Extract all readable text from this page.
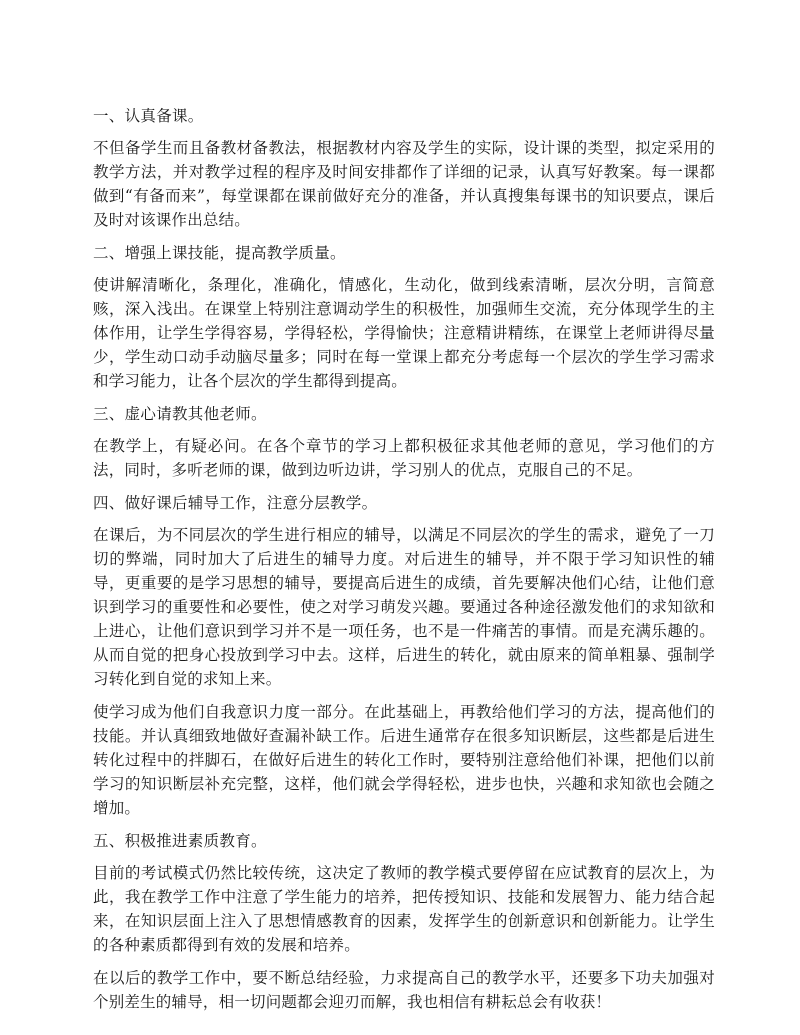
一、认真备课。

不但备学生而且备教材备教法，根据教材内容及学生的实际，设计课的类型，拟定采用的教学方法，并对教学过程的程序及时间安排都作了详细的记录，认真写好教案。每一课都做到“有备而来”，每堂课都在课前做好充分的准备，并认真搜集每课书的知识要点，课后及时对该课作出总结。

二、增强上课技能，提高教学质量。

使讲解清晰化，条理化，准确化，情感化，生动化，做到线索清晰，层次分明，言简意赅，深入浅出。在课堂上特别注意调动学生的积极性，加强师生交流，充分体现学生的主体作用，让学生学得容易，学得轻松，学得愉快；注意精讲精练，在课堂上老师讲得尽量少，学生动口动手动脑尽量多；同时在每一堂课上都充分考虑每一个层次的学生学习需求和学习能力，让各个层次的学生都得到提高。

三、虚心请教其他老师。

在教学上，有疑必问。在各个章节的学习上都积极征求其他老师的意见，学习他们的方法，同时，多听老师的课，做到边听边讲，学习别人的优点，克服自己的不足。

四、做好课后辅导工作，注意分层教学。

在课后，为不同层次的学生进行相应的辅导，以满足不同层次的学生的需求，避免了一刀切的弊端，同时加大了后进生的辅导力度。对后进生的辅导，并不限于学习知识性的辅导，更重要的是学习思想的辅导，要提高后进生的成绩，首先要解决他们心结，让他们意识到学习的重要性和必要性，使之对学习萌发兴趣。要通过各种途径激发他们的求知欲和上进心，让他们意识到学习并不是一项任务，也不是一件痛苦的事情。而是充满乐趣的。从而自觉的把身心投放到学习中去。这样，后进生的转化，就由原来的简单粗暴、强制学习转化到自觉的求知上来。

使学习成为他们自我意识力度一部分。在此基础上，再教给他们学习的方法，提高他们的技能。并认真细致地做好查漏补缺工作。后进生通常存在很多知识断层，这些都是后进生转化过程中的拌脚石，在做好后进生的转化工作时，要特别注意给他们补课，把他们以前学习的知识断层补充完整，这样，他们就会学得轻松，进步也快，兴趣和求知欲也会随之增加。

五、积极推进素质教育。

目前的考试模式仍然比较传统，这决定了教师的教学模式要停留在应试教育的层次上，为此，我在教学工作中注意了学生能力的培养，把传授知识、技能和发展智力、能力结合起来，在知识层面上注入了思想情感教育的因素，发挥学生的创新意识和创新能力。让学生的各种素质都得到有效的发展和培养。

在以后的教学工作中，要不断总结经验，力求提高自己的教学水平，还要多下功夫加强对个别差生的辅导，相一切问题都会迎刃而解，我也相信有耕耘总会有收获！
